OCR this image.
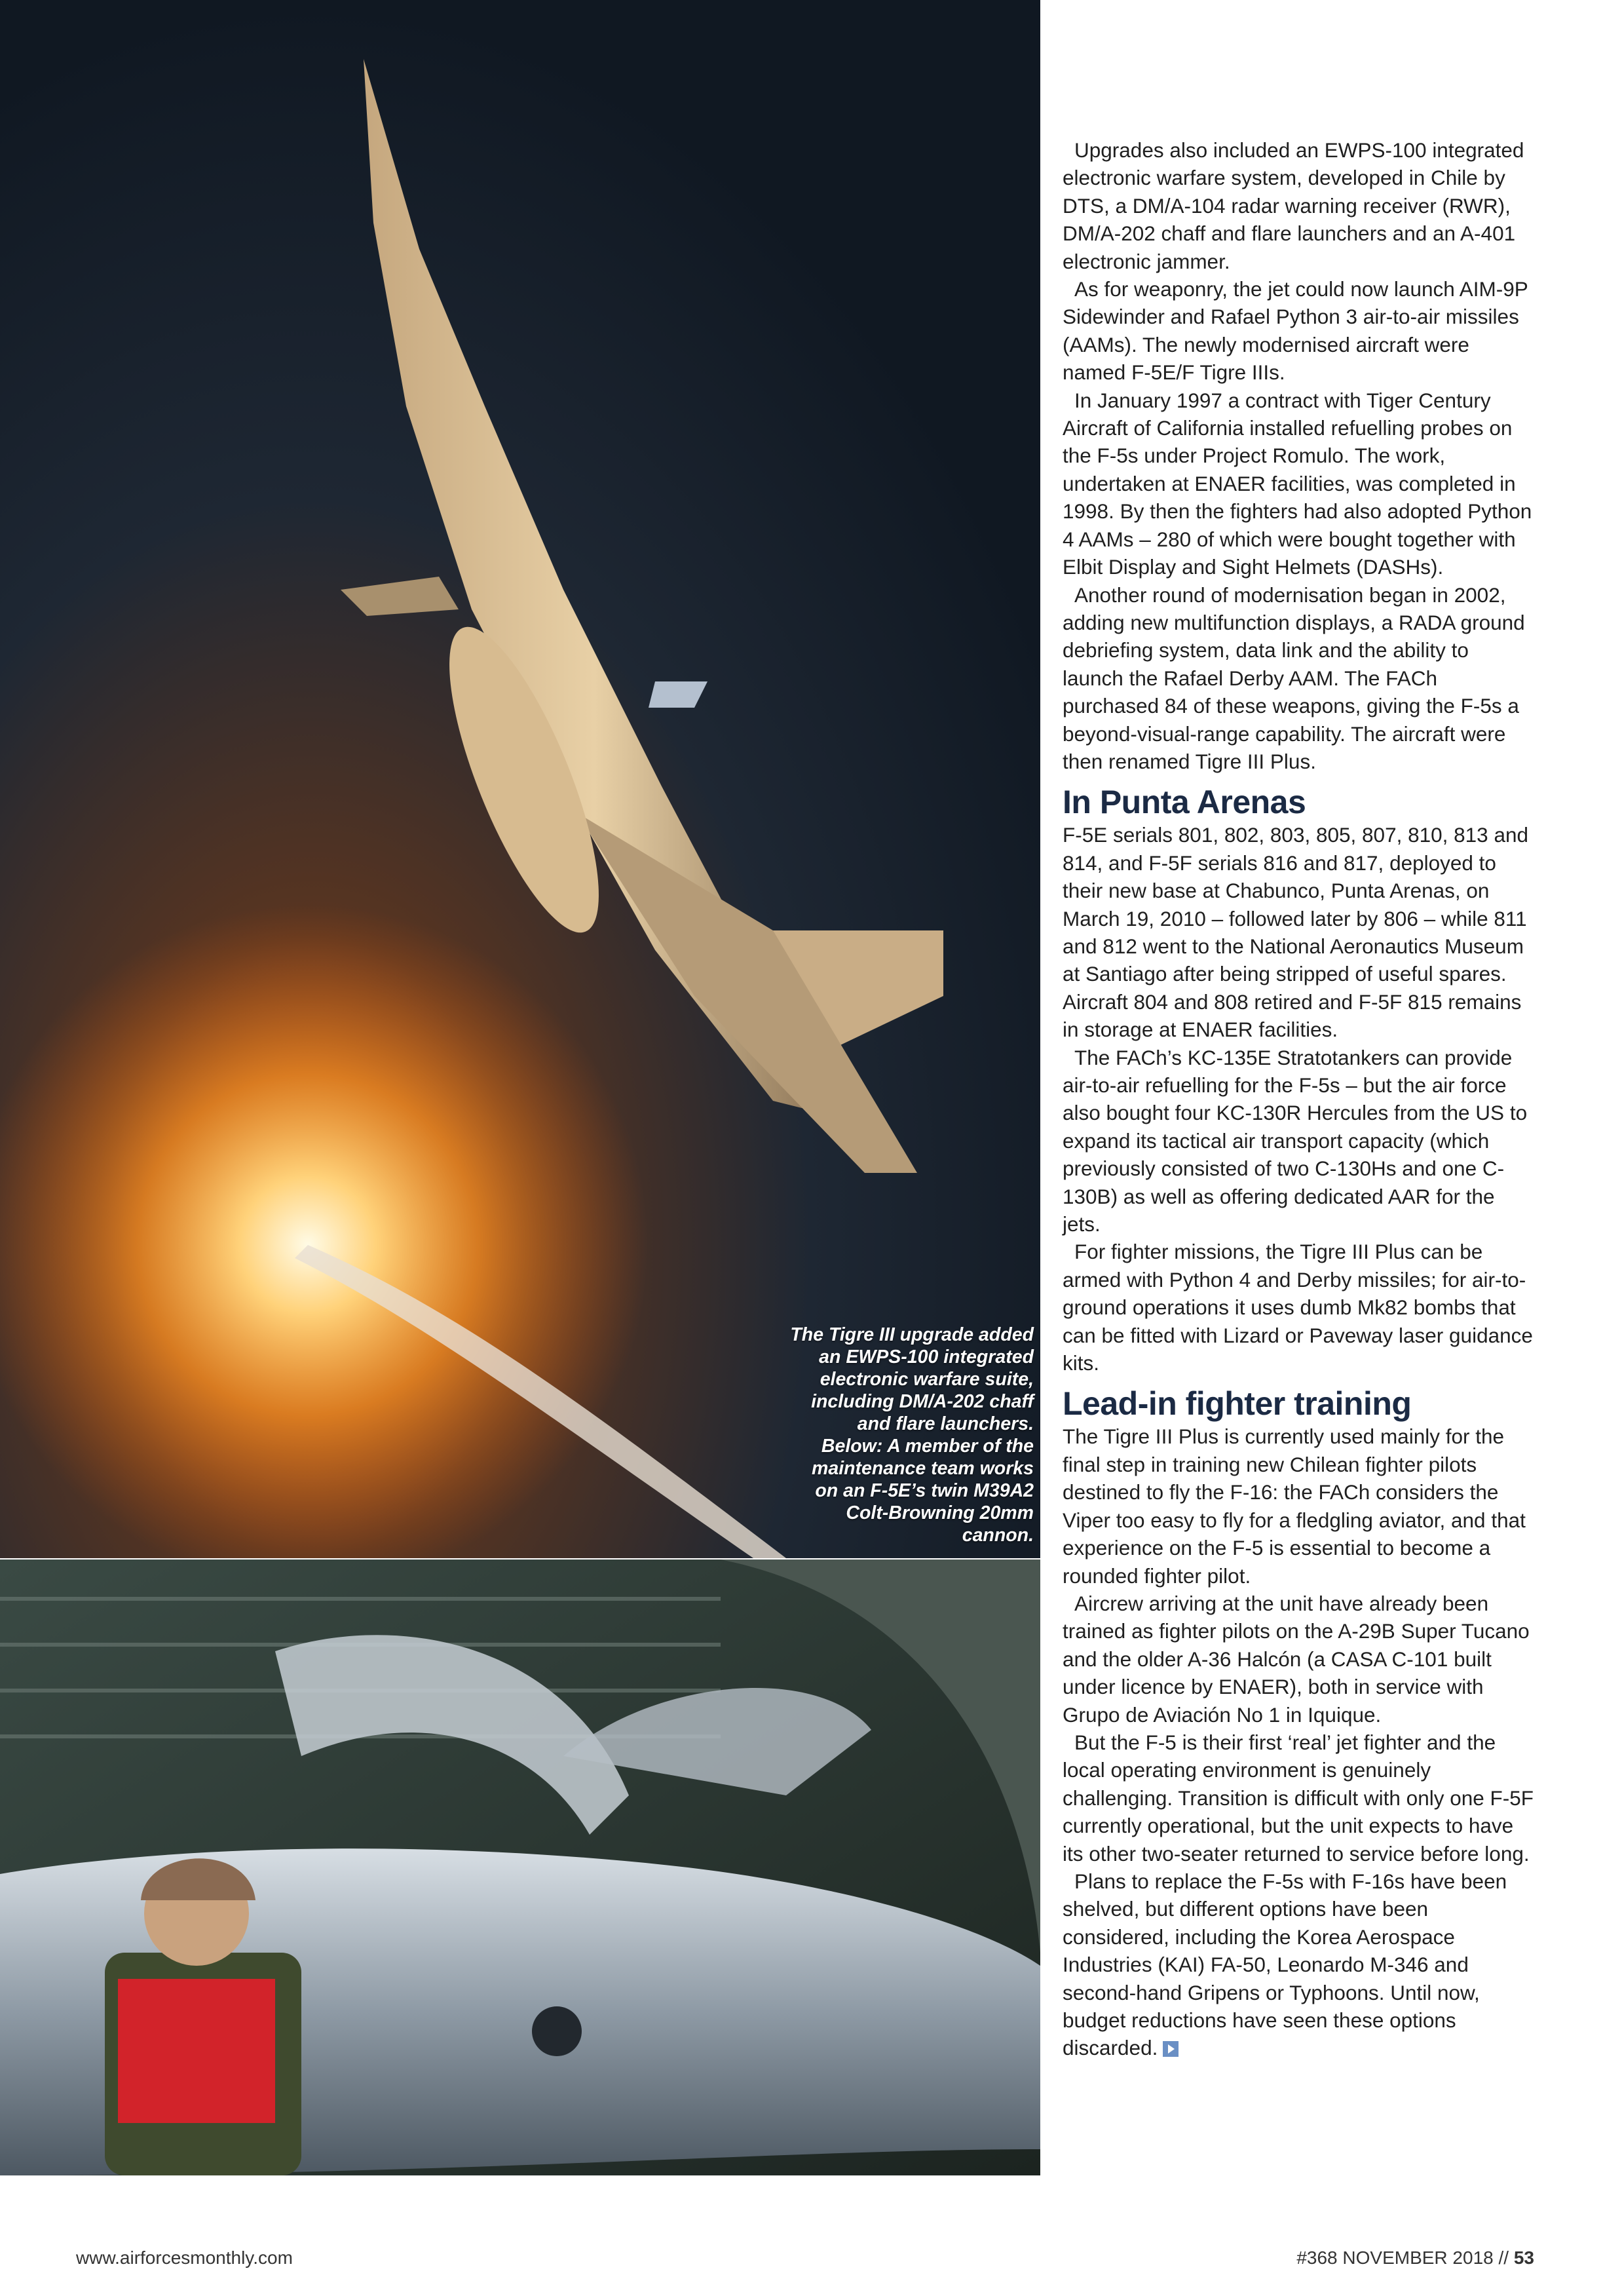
The Tigre III upgrade added
an EWPS-100 integrated
electronic warfare suite,
including DM/A-202 chaff
and flare launchers.
Below: A member of the
maintenance team works
on an F-5E’s twin M39A2
Colt-Browning 20mm
cannon.

Upgrades also included an EWPS-100 integrated electronic warfare system, developed in Chile by DTS, a DM/A-104 radar warning receiver (RWR), DM/A-202 chaff and flare launchers and an A-401 electronic jammer.

As for weaponry, the jet could now launch AIM-9P Sidewinder and Rafael Python 3 air-to-air missiles (AAMs). The newly modernised aircraft were named F-5E/F Tigre IIIs.

In January 1997 a contract with Tiger Century Aircraft of California installed refuelling probes on the F-5s under Project Romulo. The work, undertaken at ENAER facilities, was completed in 1998. By then the fighters had also adopted Python 4 AAMs – 280 of which were bought together with Elbit Display and Sight Helmets (DASHs).

Another round of modernisation began in 2002, adding new multifunction displays, a RADA ground debriefing system, data link and the ability to launch the Rafael Derby AAM. The FACh purchased 84 of these weapons, giving the F-5s a beyond-visual-range capability. The aircraft were then renamed Tigre III Plus.

In Punta Arenas

F-5E serials 801, 802, 803, 805, 807, 810, 813 and 814, and F-5F serials 816 and 817, deployed to their new base at Chabunco, Punta Arenas, on March 19, 2010 – followed later by 806 – while 811 and 812 went to the National Aeronautics Museum at Santiago after being stripped of useful spares.

Aircraft 804 and 808 retired and F-5F 815 remains in storage at ENAER facilities.

The FACh’s KC-135E Stratotankers can provide air-to-air refuelling for the F-5s – but the air force also bought four KC-130R Hercules from the US to expand its tactical air transport capacity (which previously consisted of two C-130Hs and one C-130B) as well as offering dedicated AAR for the jets.

For fighter missions, the Tigre III Plus can be armed with Python 4 and Derby missiles; for air-to-ground operations it uses dumb Mk82 bombs that can be fitted with Lizard or Paveway laser guidance kits.

Lead-in fighter training

The Tigre III Plus is currently used mainly for the final step in training new Chilean fighter pilots destined to fly the F-16: the FACh considers the Viper too easy to fly for a fledgling aviator, and that experience on the F-5 is essential to become a rounded fighter pilot.

Aircrew arriving at the unit have already been trained as fighter pilots on the A-29B Super Tucano and the older A-36 Halcón (a CASA C-101 built under licence by ENAER), both in service with Grupo de Aviación No 1 in Iquique.

But the F-5 is their first ‘real’ jet fighter and the local operating environment is genuinely challenging. Transition is difficult with only one F-5F currently operational, but the unit expects to have its other two-seater returned to service before long.

Plans to replace the F-5s with F-16s have been shelved, but different options have been considered, including the Korea Aerospace Industries (KAI) FA-50, Leonardo M-346 and second-hand Gripens or Typhoons. Until now, budget reductions have seen these options discarded.

www.airforcesmonthly.com	#368 NOVEMBER 2018 // 53
